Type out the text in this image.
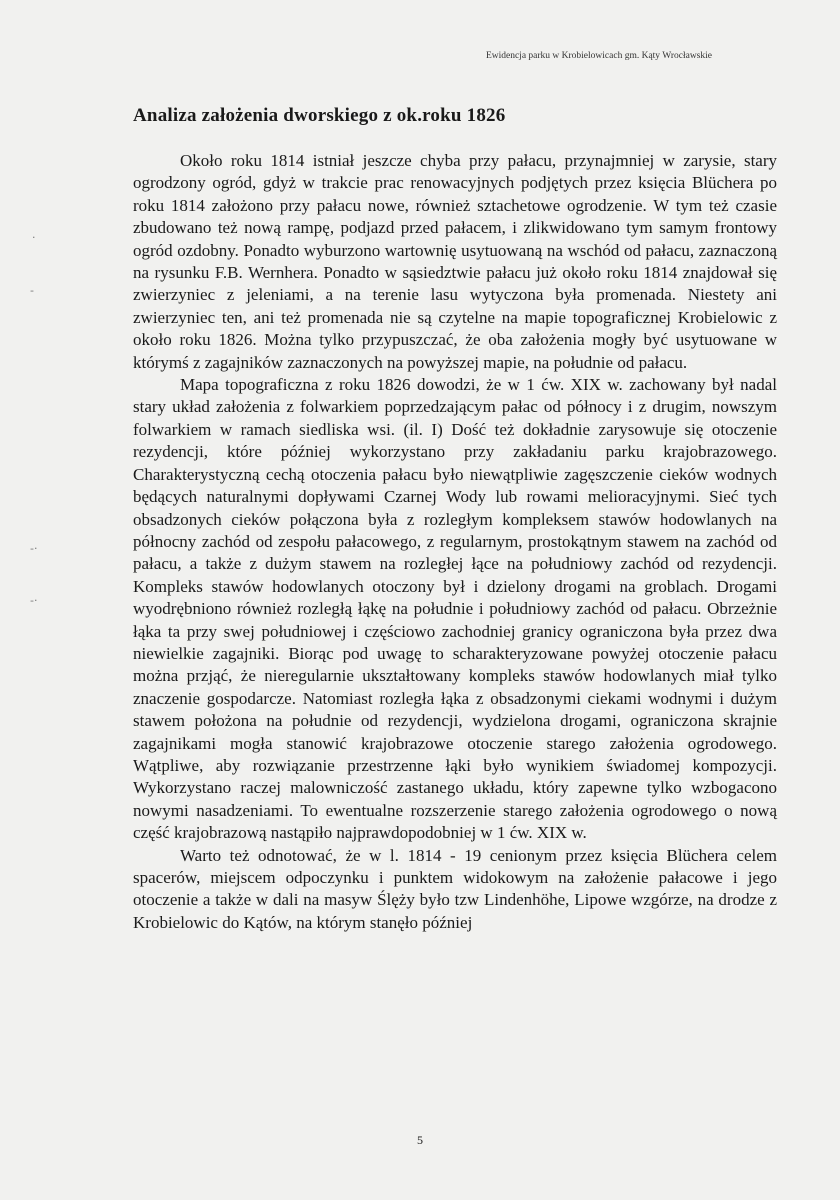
Ewidencja parku w Krobielowicach gm. Kąty Wrocławskie
Analiza założenia dworskiego z ok.roku 1826

Około roku 1814 istniał jeszcze chyba przy pałacu, przynajmniej w zarysie, stary ogrodzony ogród, gdyż w trakcie prac renowacyjnych podjętych przez księcia Blüchera po roku 1814 założono przy pałacu nowe, również sztachetowe ogrodzenie. W tym też czasie zbudowano też nową rampę, podjazd przed pałacem, i zlikwidowano tym samym frontowy ogród ozdobny. Ponadto wyburzono wartownię usytuowaną na wschód od pałacu, zaznaczoną na rysunku F.B. Wernhera. Ponadto w sąsiedztwie pałacu już około roku 1814 znajdował się zwierzyniec z jeleniami, a na terenie lasu wytyczona była promenada. Niestety ani zwierzyniec ten, ani też promenada nie są czytelne na mapie topograficznej Krobielowic z około roku 1826. Można tylko przypuszczać, że oba założenia mogły być usytuowane w którymś z zagajników zaznaczonych na powyższej mapie, na południe od pałacu.

Mapa topograficzna z roku 1826 dowodzi, że w 1 ćw. XIX w. zachowany był nadal stary układ założenia z folwarkiem poprzedzającym pałac od północy i z drugim, nowszym folwarkiem w ramach siedliska wsi. (il. I) Dość też dokładnie zarysowuje się otoczenie rezydencji, które później wykorzystano przy zakładaniu parku krajobrazowego. Charakterystyczną cechą otoczenia pałacu było niewątpliwie zagęszczenie cieków wodnych będących naturalnymi dopływami Czarnej Wody lub rowami melioracyjnymi. Sieć tych obsadzonych cieków połączona była z rozległym kompleksem stawów hodowlanych na północny zachód od zespołu pałacowego, z regularnym, prostokątnym stawem na zachód od pałacu, a także z dużym stawem na rozległej łące na południowy zachód od rezydencji. Kompleks stawów hodowlanych otoczony był i dzielony drogami na groblach. Drogami wyodrębniono również rozległą łąkę na południe i południowy zachód od pałacu. Obrzeżnie łąka ta przy swej południowej i częściowo zachodniej granicy ograniczona była przez dwa niewielkie zagajniki. Biorąc pod uwagę to scharakteryzowane powyżej otoczenie pałacu można przjąć, że nieregularnie ukształtowany kompleks stawów hodowlanych miał tylko znaczenie gospodarcze. Natomiast rozległa łąka z obsadzonymi ciekami wodnymi i dużym stawem położona na południe od rezydencji, wydzielona drogami, ograniczona skrajnie zagajnikami mogła stanowić krajobrazowe otoczenie starego założenia ogrodowego. Wątpliwe, aby rozwiązanie przestrzenne łąki było wynikiem świadomej kompozycji. Wykorzystano raczej malowniczość zastanego układu, który zapewne tylko wzbogacono nowymi nasadzeniami. To ewentualne rozszerzenie starego założenia ogrodowego o nową część krajobrazową nastąpiło najprawdopodobniej w 1 ćw. XIX w.

Warto też odnotować, że w l. 1814 - 19 cenionym przez księcia Blüchera celem spacerów, miejscem odpoczynku i punktem widokowym na założenie pałacowe i jego otoczenie a także w dali na masyw Ślęży było tzw Lindenhöhe, Lipowe wzgórze, na drodze z Krobielowic do Kątów, na którym stanęło później

·
-
-·
-·
5
